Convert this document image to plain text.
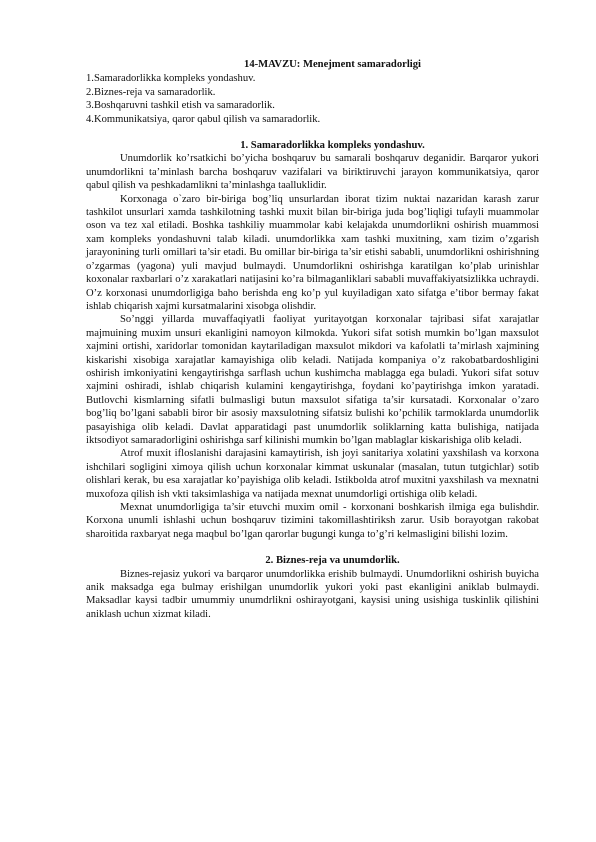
14-MAVZU: Menejment samaradorligi
1.Samaradorlikka kompleks yondashuv.
2.Biznes-reja va samaradorlik.
3.Boshqaruvni tashkil etish va samaradorlik.
4.Kommunikatsiya, qaror qabul qilish va samaradorlik.
1. Samaradorlikka kompleks yondashuv.

Unumdorlik ko’rsatkichi bo’yicha boshqaruv bu samarali boshqaruv deganidir. Barqaror yukori unumdorlikni ta’minlash barcha boshqaruv vazifalari va biriktiruvchi jarayon kommunikatsiya, qaror qabul qilish va peshkadamlikni ta’minlashga taalluklidir.

Korxonaga o`zaro bir-biriga bog’liq unsurlardan iborat tizim nuktai nazaridan karash zarur tashkilot unsurlari xamda tashkilotning tashki muxit bilan bir-biriga juda bog’liqligi tufayli muammolar oson va tez xal etiladi. Boshka tashkiliy muammolar kabi kelajakda unumdorlikni oshirish muammosi xam kompleks yondashuvni talab kiladi. unumdorlikka xam tashki muxitning, xam tizim o’zgarish jarayonining turli omillari ta’sir etadi. Bu omillar bir-biriga ta’sir etishi sababli, unumdorlikni oshirishning o’zgarmas (yagona) yuli mavjud bulmaydi. Unumdorlikni oshirishga karatilgan ko’plab urinishlar koxonalar raxbarlari o’z xarakatlari natijasini ko’ra bilmaganliklari sababli muvaffakiyatsizlikka uchraydi. O’z korxonasi unumdorligiga baho berishda eng ko’p yul kuyiladigan xato sifatga e’tibor bermay fakat ishlab chiqarish xajmi kursatmalarini xisobga olishdir.

So’nggi yillarda muvaffaqiyatli faoliyat yuritayotgan korxonalar tajribasi sifat xarajatlar majmuining muxim unsuri ekanligini namoyon kilmokda. Yukori sifat sotish mumkin bo’lgan maxsulot xajmini ortishi, xaridorlar tomonidan kaytariladigan maxsulot mikdori va kafolatli ta’mirlash xajmining kiskarishi xisobiga xarajatlar kamayishiga olib keladi. Natijada kompaniya o’z rakobatbardoshligini oshirish imkoniyatini kengaytirishga sarflash uchun kushimcha mablagga ega buladi. Yukori sifat sotuv xajmini oshiradi, ishlab chiqarish kulamini kengaytirishga, foydani ko’paytirishga imkon yaratadi. Butlovchi kismlarning sifatli bulmasligi butun maxsulot sifatiga ta’sir kursatadi. Korxonalar o’zaro bog’liq bo’lgani sababli biror bir asosiy maxsulotning sifatsiz bulishi ko’pchilik tarmoklarda unumdorlik pasayishiga olib keladi. Davlat apparatidagi past unumdorlik soliklarning katta bulishiga, natijada iktsodiyot samaradorligini oshirishga sarf kilinishi mumkin bo’lgan mablaglar kiskarishiga olib keladi.

Atrof muxit ifloslanishi darajasini kamaytirish, ish joyi sanitariya xolatini yaxshilash va korxona ishchilari sogligini ximoya qilish uchun korxonalar kimmat uskunalar (masalan, tutun tutgichlar) sotib olishlari kerak, bu esa xarajatlar ko’payishiga olib keladi. Istikbolda atrof muxitni yaxshilash va mexnatni muxofoza qilish ish vkti taksimlashiga va natijada mexnat unumdorligi ortishiga olib keladi.

Mexnat unumdorligiga ta’sir etuvchi muxim omil - korxonani boshkarish ilmiga ega bulishdir. Korxona unumli ishlashi uchun boshqaruv tizimini takomillashtiriksh zarur. Usib borayotgan rakobat sharoitida raxbaryat nega maqbul bo’lgan qarorlar bugungi kunga to’g’ri kelmasligini bilishi lozim.

2. Biznes-reja va unumdorlik.

Biznes-rejasiz yukori va barqaror unumdorlikka erishib bulmaydi. Unumdorlikni oshirish buyicha anik maksadga ega bulmay erishilgan unumdorlik yukori yoki past ekanligini aniklab bulmaydi. Maksadlar kaysi tadbir umummiy unumdrlikni oshirayotgani, kaysisi uning usishiga tuskinlik qilishini aniklash uchun xizmat kiladi.
